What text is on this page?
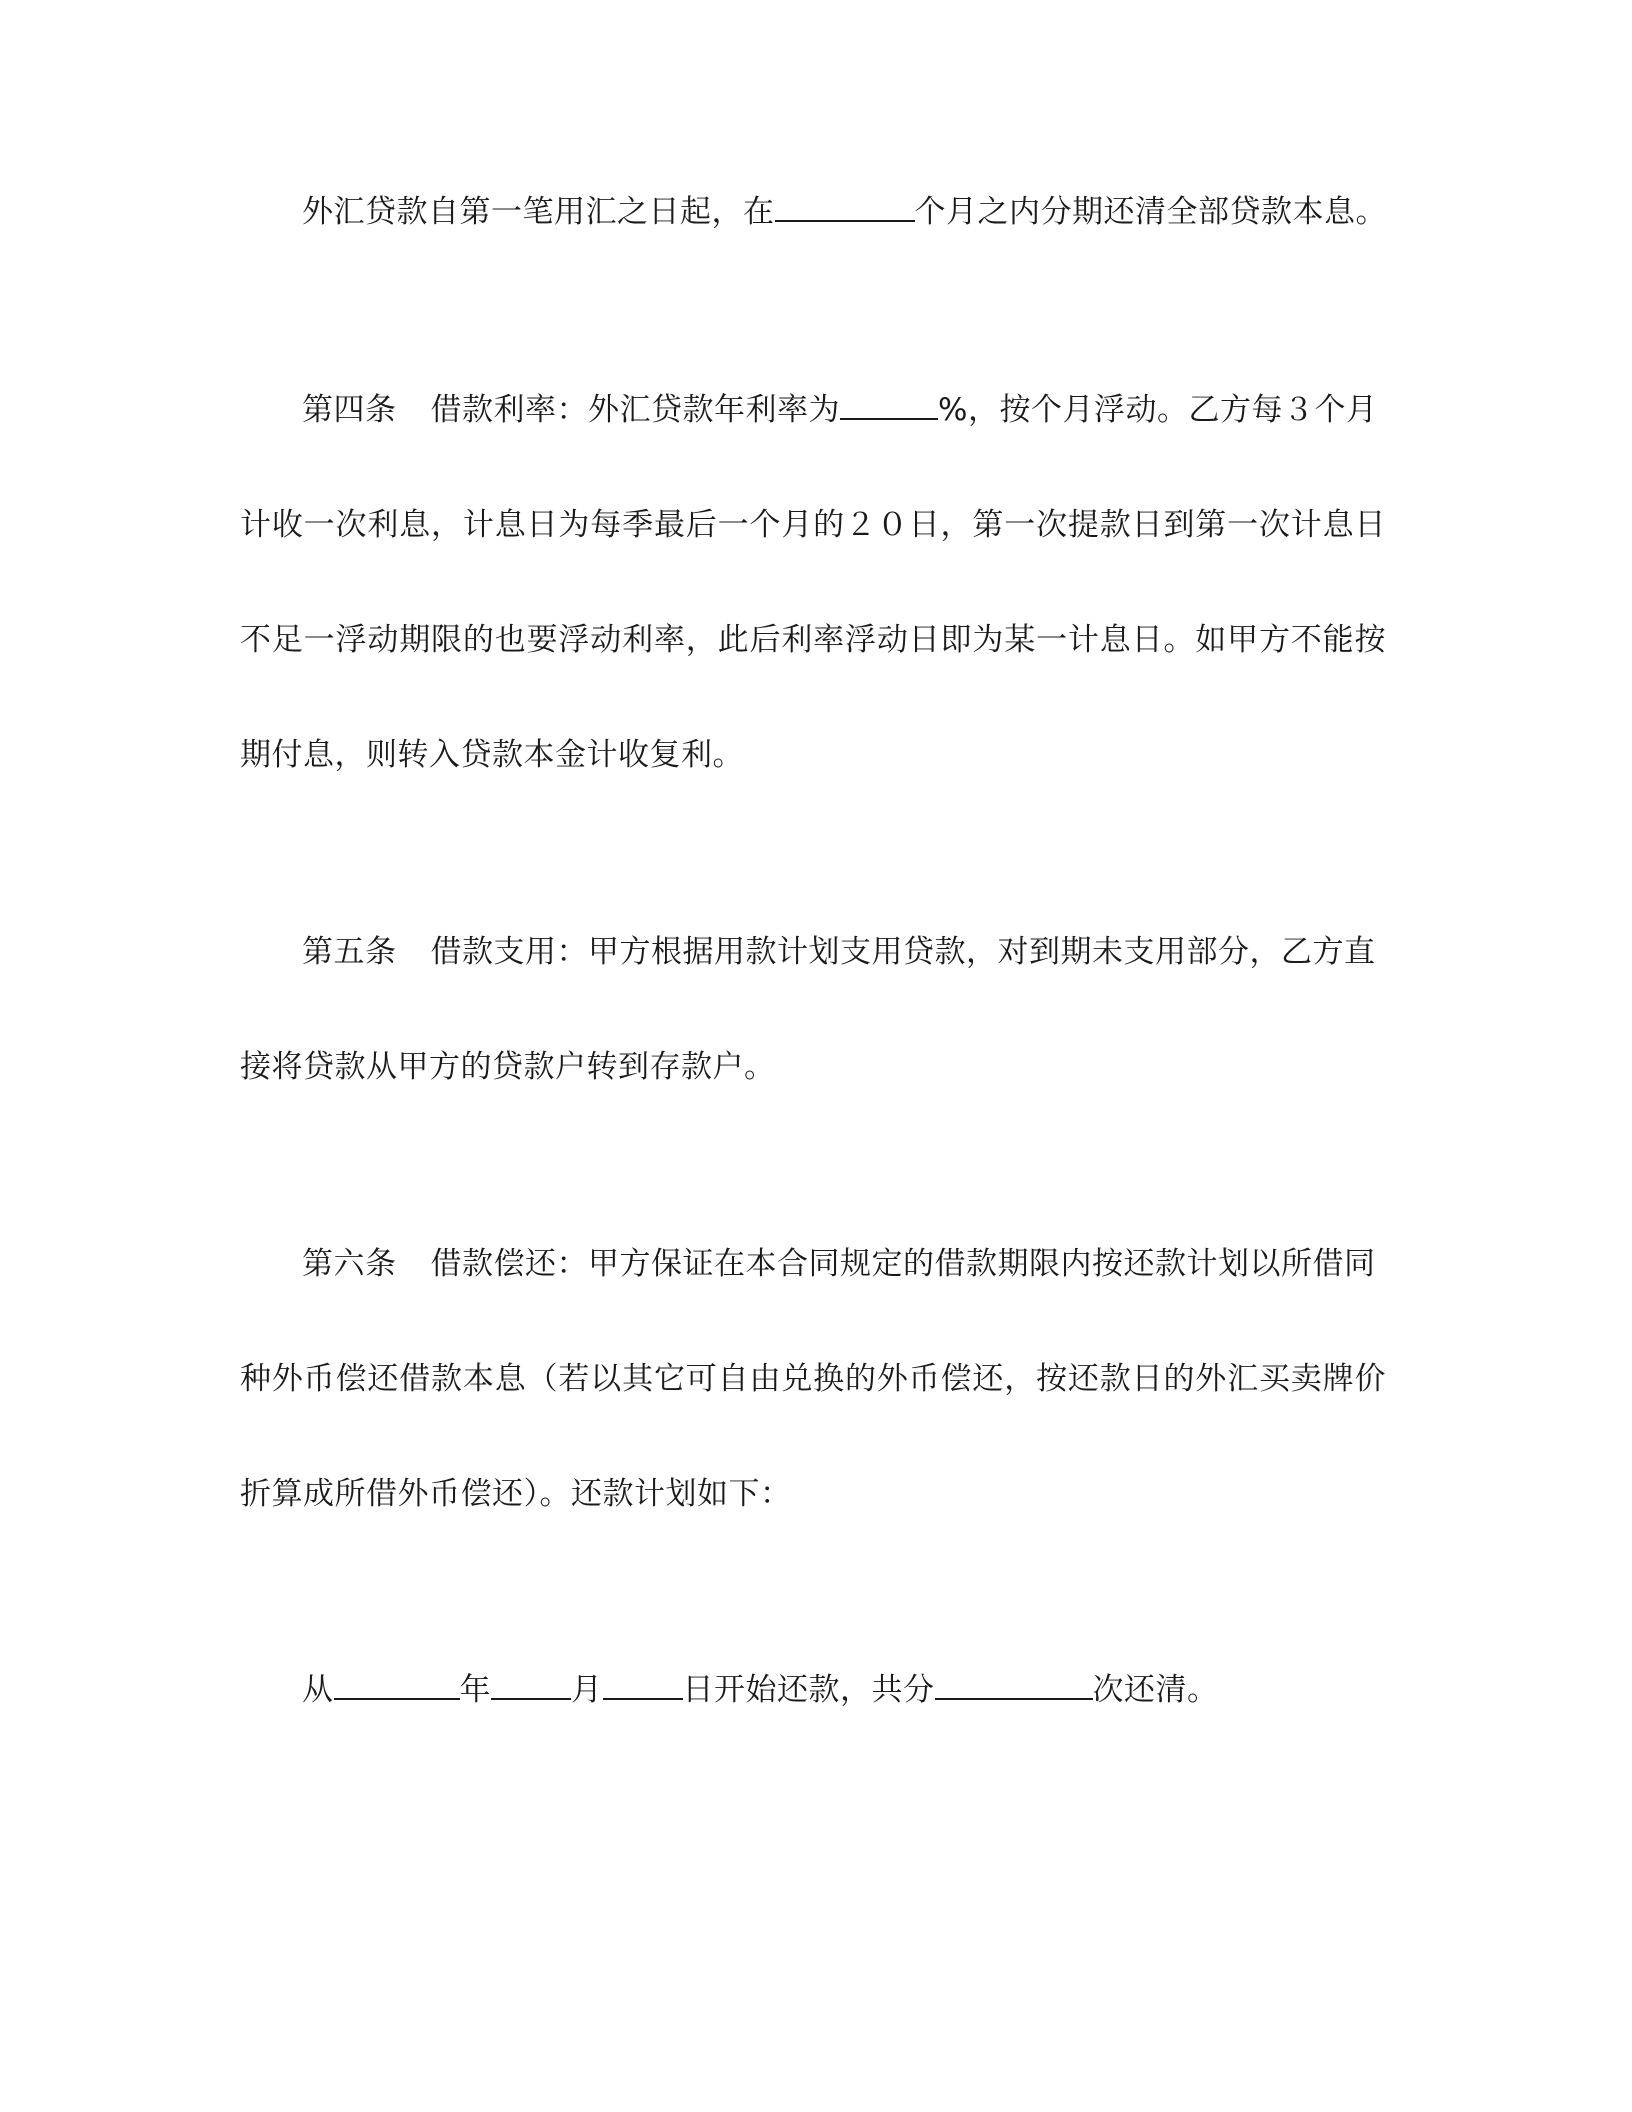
外汇贷款自第一笔用汇之日起，在	个月之内分期还清全部贷款本息。
第四条 借款利率：外汇贷款年利率为	%，按个月浮动。乙方每３个月
计收一次利息，计息日为每季最后一个月的２０日，第一次提款日到第一次计息日
不足一浮动期限的也要浮动利率，此后利率浮动日即为某一计息日。如甲方不能按
期付息，则转入贷款本金计收复利。
第五条 借款支用：甲方根据用款计划支用贷款，对到期未支用部分，乙方直
接将贷款从甲方的贷款户转到存款户。
第六条 借款偿还：甲方保证在本合同规定的借款期限内按还款计划以所借同
种外币偿还借款本息（若以其它可自由兑换的外币偿还，按还款日的外汇买卖牌价
折算成所借外币偿还）。还款计划如下：
从	年	月	日开始还款，共分	次还清。
